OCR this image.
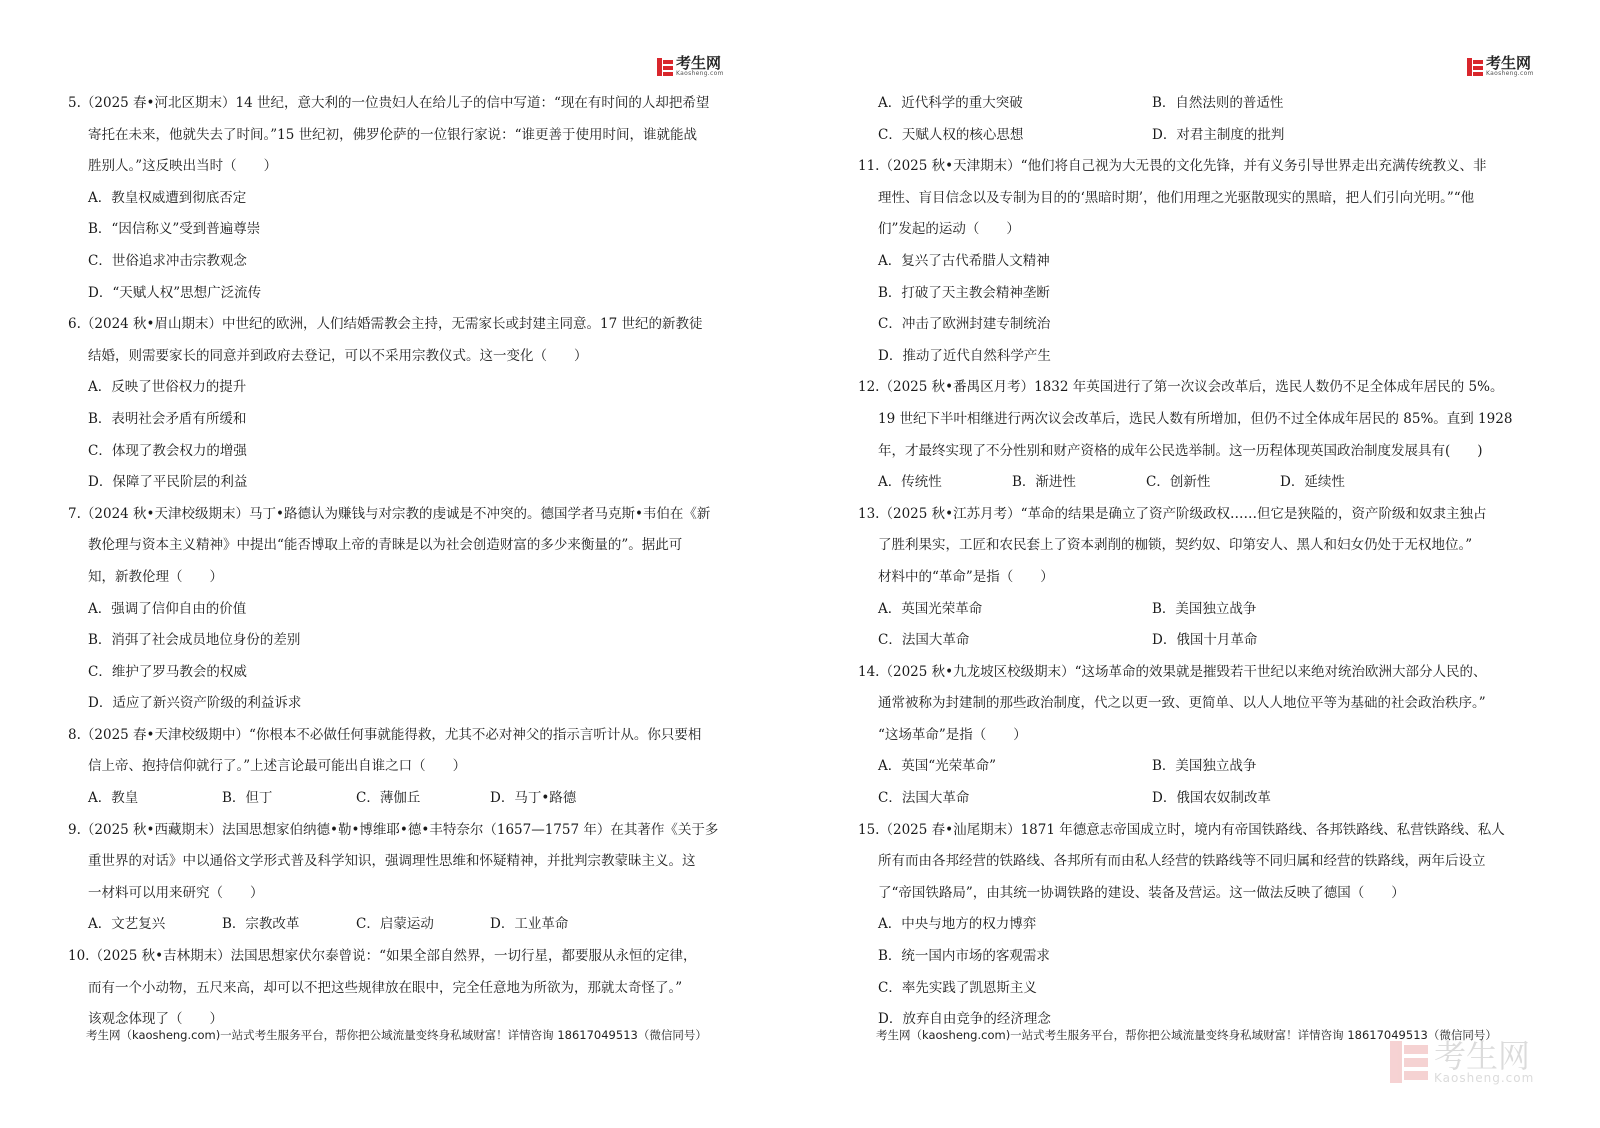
考生网
Kaosheng.com
5.（2025 春•河北区期末）14 世纪，意大利的一位贵妇人在给儿子的信中写道：“现在有时间的人却把希望
寄托在未来，他就失去了时间。”15 世纪初，佛罗伦萨的一位银行家说：“谁更善于使用时间，谁就能战
胜别人。”这反映出当时（　　）
A．教皇权威遭到彻底否定
B．“因信称义”受到普遍尊崇
C．世俗追求冲击宗教观念
D．“天赋人权”思想广泛流传
6.（2024 秋•眉山期末）中世纪的欧洲，人们结婚需教会主持，无需家长或封建主同意。17 世纪的新教徒
结婚，则需要家长的同意并到政府去登记，可以不采用宗教仪式。这一变化（　　）
A．反映了世俗权力的提升
B．表明社会矛盾有所缓和
C．体现了教会权力的增强
D．保障了平民阶层的利益
7.（2024 秋•天津校级期末）马丁•路德认为赚钱与对宗教的虔诚是不冲突的。德国学者马克斯•韦伯在《新
教伦理与资本主义精神》中提出“能否博取上帝的青睐是以为社会创造财富的多少来衡量的”。据此可
知，新教伦理（　　）
A．强调了信仰自由的价值
B．消弭了社会成员地位身份的差别
C．维护了罗马教会的权威
D．适应了新兴资产阶级的利益诉求
8.（2025 春•天津校级期中）“你根本不必做任何事就能得救，尤其不必对神父的指示言听计从。你只要相
信上帝、抱持信仰就行了。”上述言论最可能出自谁之口（　　）
A．教皇	B．但丁	C．薄伽丘	D．马丁•路德
9.（2025 秋•西藏期末）法国思想家伯纳德•勒•博维耶•德•丰特奈尔（1657—1757 年）在其著作《关于多
重世界的对话》中以通俗文学形式普及科学知识，强调理性思维和怀疑精神，并批判宗教蒙昧主义。这
一材料可以用来研究（　　）
A．文艺复兴	B．宗教改革	C．启蒙运动	D．工业革命
10.（2025 秋•吉林期末）法国思想家伏尔泰曾说：“如果全部自然界，一切行星，都要服从永恒的定律，
而有一个小动物，五尺来高，却可以不把这些规律放在眼中，完全任意地为所欲为，那就太奇怪了。”
该观念体现了（　　）
考生网（kaosheng.com)一站式考生服务平台，帮你把公域流量变终身私域财富！详情咨询 18617049513（微信同号）
考生网
Kaosheng.com
A．近代科学的重大突破	B．自然法则的普适性
C．天赋人权的核心思想	D．对君主制度的批判
11.（2025 秋•天津期末）“他们将自己视为大无畏的文化先锋，并有义务引导世界走出充满传统教义、非
理性、肓目信念以及专制为目的的‘黑暗时期’，他们用理之光驱散现实的黑暗，把人们引向光明。”“他
们”发起的运动（　　）
A．复兴了古代希腊人文精神
B．打破了天主教会精神垄断
C．冲击了欧洲封建专制统治
D．推动了近代自然科学产生
12.（2025 秋•番禺区月考）1832 年英国进行了第一次议会改革后，选民人数仍不足全体成年居民的 5%。
19 世纪下半叶相继进行两次议会改革后，选民人数有所增加，但仍不过全体成年居民的 85%。直到 1928
年，才最终实现了不分性别和财产资格的成年公民选举制。这一历程体现英国政治制度发展具有(　　)
A．传统性	B．渐进性	C．创新性	D．延续性
13.（2025 秋•江苏月考）“革命的结果是确立了资产阶级政权……但它是狭隘的，资产阶级和奴隶主独占
了胜利果实，工匠和农民套上了资本剥削的枷锁，契约奴、印第安人、黑人和妇女仍处于无权地位。”
材料中的“革命”是指（　　）
A．英国光荣革命	B．美国独立战争
C．法国大革命	D．俄国十月革命
14.（2025 秋•九龙坡区校级期末）“这场革命的效果就是摧毁若干世纪以来绝对统治欧洲大部分人民的、
通常被称为封建制的那些政治制度，代之以更一致、更简单、以人人地位平等为基础的社会政治秩序。”
“这场革命”是指（　　）
A．英国“光荣革命”	B．美国独立战争
C．法国大革命	D．俄国农奴制改革
15.（2025 春•汕尾期末）1871 年德意志帝国成立时，境内有帝国铁路线、各邦铁路线、私营铁路线、私人
所有而由各邦经营的铁路线、各邦所有而由私人经营的铁路线等不同归属和经营的铁路线，两年后设立
了“帝国铁路局”，由其统一协调铁路的建设、装备及营运。这一做法反映了德国（　　）
A．中央与地方的权力博弈
B．统一国内市场的客观需求
C．率先实践了凯恩斯主义
D．放弃自由竞争的经济理念
考生网（kaosheng.com)一站式考生服务平台，帮你把公域流量变终身私域财富！详情咨询 18617049513（微信同号）
考生网
Kaosheng.com
